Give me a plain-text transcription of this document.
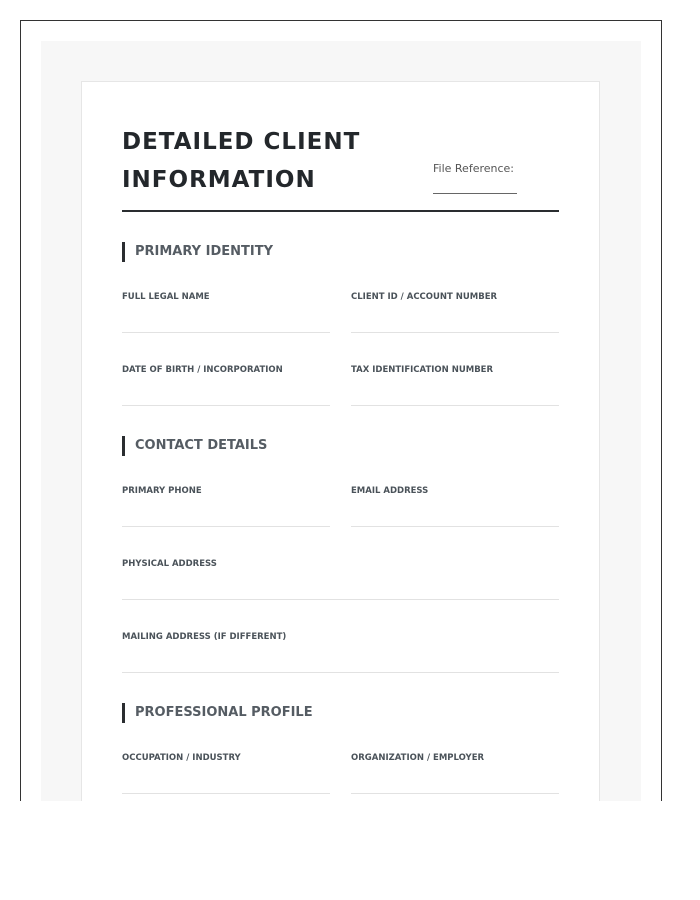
DETAILED CLIENT INFORMATION	File Reference:
PRIMARY IDENTITY
FULL LEGAL NAME	CLIENT ID / ACCOUNT NUMBER
DATE OF BIRTH / INCORPORATION	TAX IDENTIFICATION NUMBER
CONTACT DETAILS
PRIMARY PHONE	EMAIL ADDRESS
PHYSICAL ADDRESS
MAILING ADDRESS (IF DIFFERENT)
PROFESSIONAL PROFILE
OCCUPATION / INDUSTRY	ORGANIZATION / EMPLOYER
